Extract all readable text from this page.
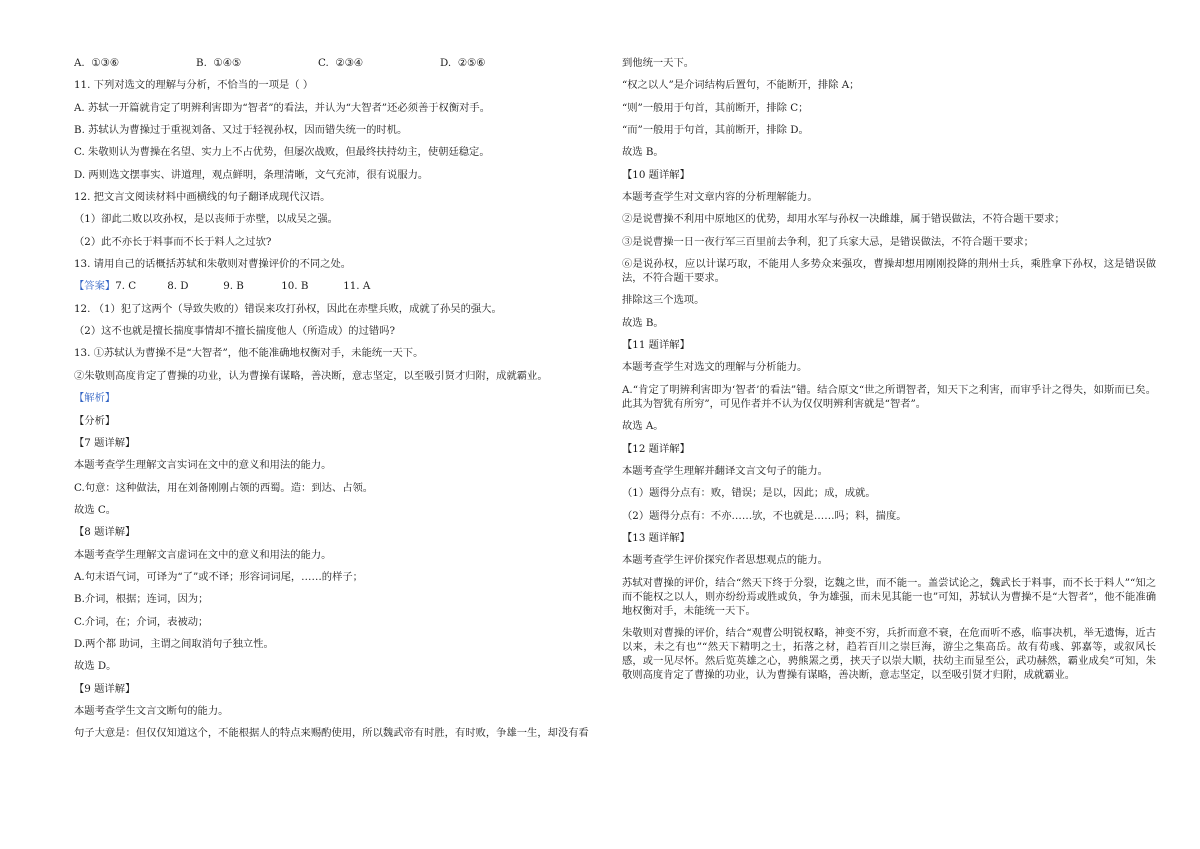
A. ①③⑥	B. ①④⑤	C. ②③④	D. ②⑤⑥
11. 下列对选文的理解与分析，不恰当的一项是（ ）
A. 苏轼一开篇就肯定了明辨利害即为“智者”的看法，并认为“大智者”还必须善于权衡对手。
B. 苏轼认为曹操过于重视刘备、又过于轻视孙权，因而错失统一的时机。
C. 朱敬则认为曹操在名望、实力上不占优势，但屡次战败，但最终扶持幼主，使朝廷稳定。
D. 两则选文摆事实、讲道理，观点鲜明，条理清晰，文气充沛，很有说服力。
12. 把文言文阅读材料中画横线的句子翻译成现代汉语。
（1）卻此二败以攻孙权，是以丧师于赤壁，以成吴之强。
（2）此不亦长于料事而不长于料人之过欤?
13. 请用自己的话概括苏轼和朱敬则对曹操评价的不同之处。
【答案】7. C	8. D	9. B	10. B	11. A
12. （1）犯了这两个（导致失败的）错误来攻打孙权，因此在赤壁兵败，成就了孙吴的强大。
（2）这不也就是擅长揣度事情却不擅长揣度他人（所造成）的过错吗?
13. ①苏轼认为曹操不是“大智者”，他不能准确地权衡对手，未能统一天下。
②朱敬则高度肯定了曹操的功业，认为曹操有谋略，善决断，意志坚定，以至吸引贤才归附，成就霸业。
【解析】
【分析】
【7 题详解】
本题考查学生理解文言实词在文中的意义和用法的能力。
C.句意：这种做法，用在刘备刚刚占领的西蜀。造：到达、占领。
故选 C。
【8 题详解】
本题考查学生理解文言虚词在文中的意义和用法的能力。
A.句末语气词，可译为“了”或不译；形容词词尾，……的样子；
B.介词，根据；连词，因为；
C.介词，在；介词，表被动；
D.两个都 助词，主谓之间取消句子独立性。
故选 D。
【9 题详解】
本题考查学生文言文断句的能力。
句子大意是：但仅仅知道这个，不能根据人的特点来赐酌使用，所以魏武帝有时胜，有时败，争雄一生，却没有看
到他统一天下。
“权之以人”是介词结构后置句，不能断开，排除 A；
“则”一般用于句首，其前断开，排除 C；
“而”一般用于句首，其前断开，排除 D。
故选 B。
【10 题详解】
本题考查学生对文章内容的分析理解能力。
②是说曹操不利用中原地区的优势，却用水军与孙权一决雌雄，属于错误做法，不符合题干要求；
③是说曹操一日一夜行军三百里前去争利，犯了兵家大忌，是错误做法，不符合题干要求；
⑥是说孙权，应以计谋巧取，不能用人多势众来强攻，曹操却想用刚刚投降的荆州士兵，乘胜拿下孙权，这是错误做法，不符合题干要求。
排除这三个选项。
故选 B。
【11 题详解】
本题考查学生对选文的理解与分析能力。
A.“肯定了明辨利害即为‘智者’的看法”错。结合原文“世之所谓智者，知天下之利害，而审乎计之得失，如斯而已矣。此其为智犹有所穷”，可见作者并不认为仅仅明辨利害就是“智者”。
故选 A。
【12 题详解】
本题考查学生理解并翻译文言文句子的能力。
（1）题得分点有：败，错误；是以，因此；成，成就。
（2）题得分点有：不亦……欤，不也就是……吗；料，揣度。
【13 题详解】
本题考查学生评价探究作者思想观点的能力。
苏轼对曹操的评价，结合“然天下终于分裂，讫魏之世，而不能一。盖尝试论之，魏武长于料事，而不长于料人”“知之而不能权之以人，则亦纷纷焉或胜或负，争为雄强，而未见其能一也”可知，苏轼认为曹操不是“大智者”，他不能准确地权衡对手，未能统一天下。
朱敬则对曹操的评价，结合“观曹公明锐权略，神变不穷，兵折而意不衰，在危而听不惑，临事决机，举无遗悔，近古以来，未之有也”“然天下精明之士，拓落之材，趋若百川之崇巨海，游尘之集高岳。故有荀彧、郭嘉等，或叙风长感，或一见尽怀。然后览英雄之心，骋熊罴之勇，挟天子以崇大顺，扶幼主而显至公，武功赫然，霸业成矣”可知，朱敬则高度肯定了曹操的功业，认为曹操有谋略，善决断，意志坚定，以至吸引贤才归附，成就霸业。
